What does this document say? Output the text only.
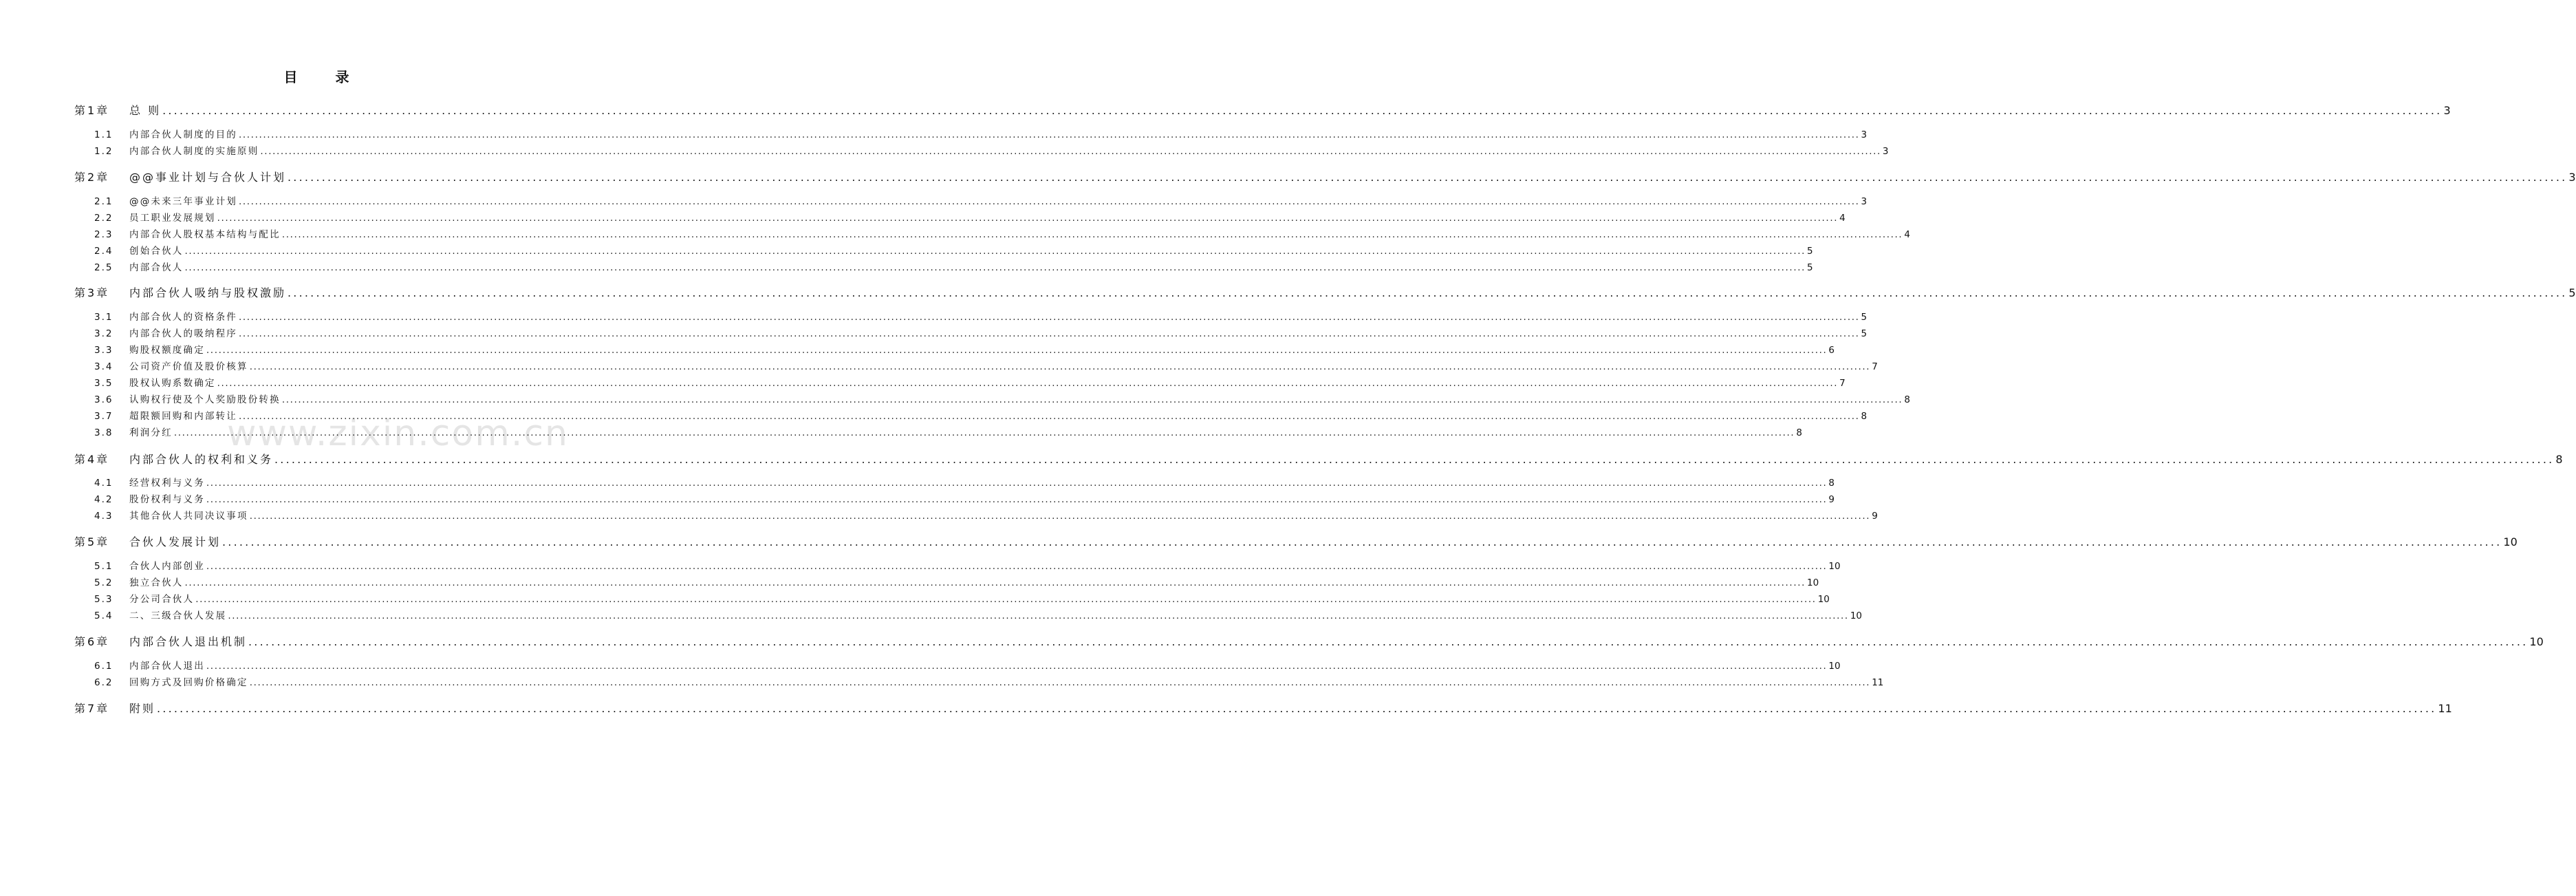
目 录
www.zixin.com.cn
第1章	总 则 ................................................................................................................................................................................................................................................................................................................................................................................................................ 3
1.1	内部合伙人制度的目的 ................................................................................................................................................................................................................................................................................................................................................................................................................ 3
1.2	内部合伙人制度的实施原则 ................................................................................................................................................................................................................................................................................................................................................................................................................ 3
第2章	@@事业计划与合伙人计划 ................................................................................................................................................................................................................................................................................................................................................................................................................ 3
2.1	@@未来三年事业计划 ................................................................................................................................................................................................................................................................................................................................................................................................................ 3
2.2	员工职业发展规划 ................................................................................................................................................................................................................................................................................................................................................................................................................ 4
2.3	内部合伙人股权基本结构与配比 ................................................................................................................................................................................................................................................................................................................................................................................................................ 4
2.4	创始合伙人 ................................................................................................................................................................................................................................................................................................................................................................................................................ 5
2.5	内部合伙人 ................................................................................................................................................................................................................................................................................................................................................................................................................ 5
第3章	内部合伙人吸纳与股权激励 ................................................................................................................................................................................................................................................................................................................................................................................................................ 5
3.1	内部合伙人的资格条件 ................................................................................................................................................................................................................................................................................................................................................................................................................ 5
3.2	内部合伙人的吸纳程序 ................................................................................................................................................................................................................................................................................................................................................................................................................ 5
3.3	购股权额度确定 ................................................................................................................................................................................................................................................................................................................................................................................................................ 6
3.4	公司资产价值及股价核算 ................................................................................................................................................................................................................................................................................................................................................................................................................ 7
3.5	股权认购系数确定 ................................................................................................................................................................................................................................................................................................................................................................................................................ 7
3.6	认购权行使及个人奖励股份转换 ................................................................................................................................................................................................................................................................................................................................................................................................................ 8
3.7	超限额回购和内部转让 ................................................................................................................................................................................................................................................................................................................................................................................................................ 8
3.8	利润分红 ................................................................................................................................................................................................................................................................................................................................................................................................................ 8
第4章	内部合伙人的权利和义务 ................................................................................................................................................................................................................................................................................................................................................................................................................ 8
4.1	经营权利与义务 ................................................................................................................................................................................................................................................................................................................................................................................................................ 8
4.2	股份权利与义务 ................................................................................................................................................................................................................................................................................................................................................................................................................ 9
4.3	其他合伙人共同决议事项 ................................................................................................................................................................................................................................................................................................................................................................................................................ 9
第5章	合伙人发展计划 ................................................................................................................................................................................................................................................................................................................................................................................................................ 10
5.1	合伙人内部创业 ................................................................................................................................................................................................................................................................................................................................................................................................................ 10
5.2	独立合伙人 ................................................................................................................................................................................................................................................................................................................................................................................................................ 10
5.3	分公司合伙人 ................................................................................................................................................................................................................................................................................................................................................................................................................ 10
5.4	二、三级合伙人发展 ................................................................................................................................................................................................................................................................................................................................................................................................................ 10
第6章	内部合伙人退出机制 ................................................................................................................................................................................................................................................................................................................................................................................................................ 10
6.1	内部合伙人退出 ................................................................................................................................................................................................................................................................................................................................................................................................................ 10
6.2	回购方式及回购价格确定 ................................................................................................................................................................................................................................................................................................................................................................................................................ 11
第7章	附则 ................................................................................................................................................................................................................................................................................................................................................................................................................ 11
